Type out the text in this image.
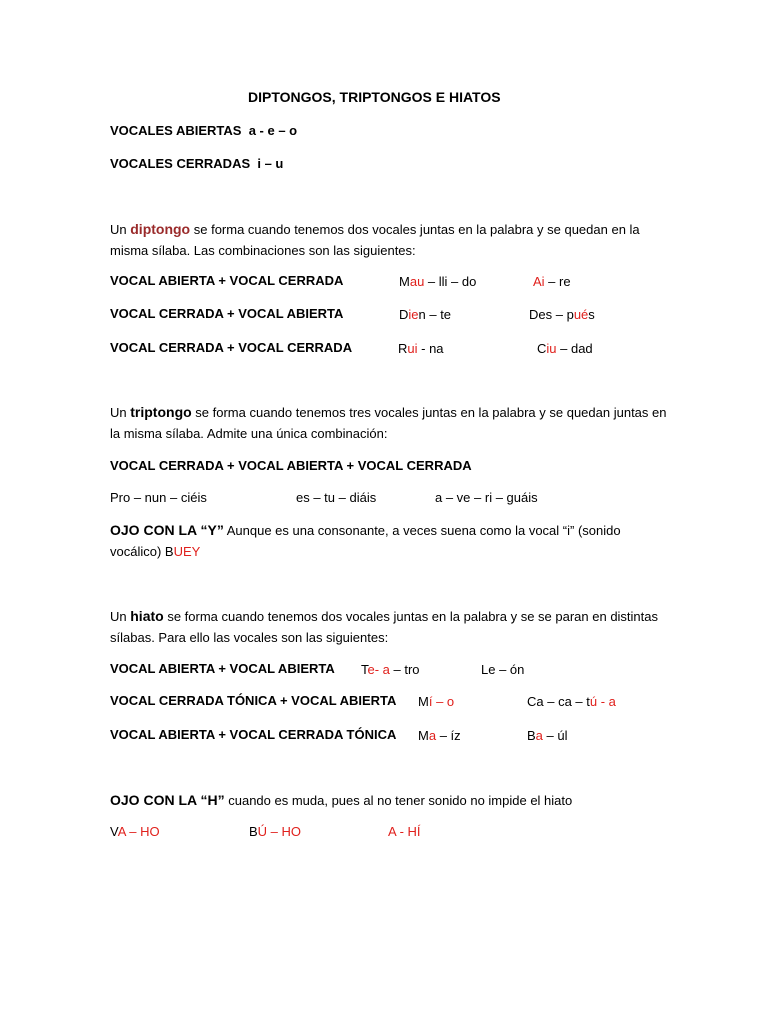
DIPTONGOS, TRIPTONGOS E HIATOS
VOCALES ABIERTAS a - e – o
VOCALES CERRADAS i – u
Un diptongo se forma cuando tenemos dos vocales juntas en la palabra y se quedan en la misma sílaba. Las combinaciones son las siguientes:
VOCAL ABIERTA + VOCAL CERRADA	Mau – lli – do	Ai – re
VOCAL CERRADA + VOCAL ABIERTA	Dien – te	Des – pués
VOCAL CERRADA + VOCAL CERRADA	Rui - na	Ciu – dad
Un triptongo se forma cuando tenemos tres vocales juntas en la palabra y se quedan juntas en la misma sílaba. Admite una única combinación:
VOCAL CERRADA + VOCAL ABIERTA + VOCAL CERRADA
Pro – nun – ciéis	es – tu – diáis	a – ve – ri – guáis
OJO CON LA “Y” Aunque es una consonante, a veces suena como la vocal “i” (sonido vocálico) BUEY
Un hiato se forma cuando tenemos dos vocales juntas en la palabra y se se paran en distintas sílabas. Para ello las vocales son las siguientes:
VOCAL ABIERTA + VOCAL ABIERTA Te- a – tro	Le – ón
VOCAL CERRADA TÓNICA + VOCAL ABIERTA Mí – o	Ca – ca – tú - a
VOCAL ABIERTA + VOCAL CERRADA TÓNICA Ma – íz	Ba – úl
OJO CON LA “H” cuando es muda, pues al no tener sonido no impide el hiato
VA – HO	BÚ – HO	A - HÍ
